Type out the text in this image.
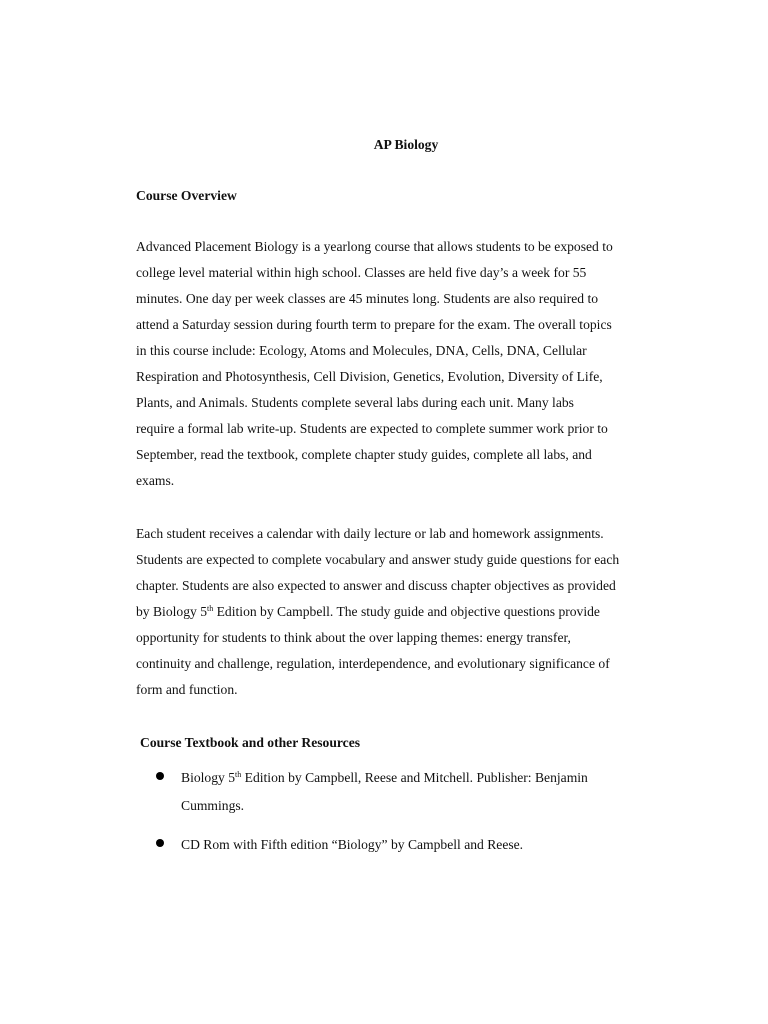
AP Biology
Course Overview
Advanced Placement Biology is a yearlong course that allows students to be exposed to
college level material within high school. Classes are held five day’s a week for 55
minutes. One day per week classes are 45 minutes long. Students are also required to
attend a Saturday session during fourth term to prepare for the exam. The overall topics
in this course include: Ecology, Atoms and Molecules, DNA, Cells, DNA, Cellular
Respiration and Photosynthesis, Cell Division, Genetics, Evolution, Diversity of Life,
Plants, and Animals. Students complete several labs during each unit. Many labs
require a formal lab write-up. Students are expected to complete summer work prior to
September, read the textbook, complete chapter study guides, complete all labs, and
exams.
Each student receives a calendar with daily lecture or lab and homework assignments.
Students are expected to complete vocabulary and answer study guide questions for each
chapter. Students are also expected to answer and discuss chapter objectives as provided
by Biology 5th Edition by Campbell. The study guide and objective questions provide
opportunity for students to think about the over lapping themes: energy transfer,
continuity and challenge, regulation, interdependence, and evolutionary significance of
form and function.
Course Textbook and other Resources
Biology 5th Edition by Campbell, Reese and Mitchell. Publisher: Benjamin
Cummings.
CD Rom with Fifth edition “Biology” by Campbell and Reese.
